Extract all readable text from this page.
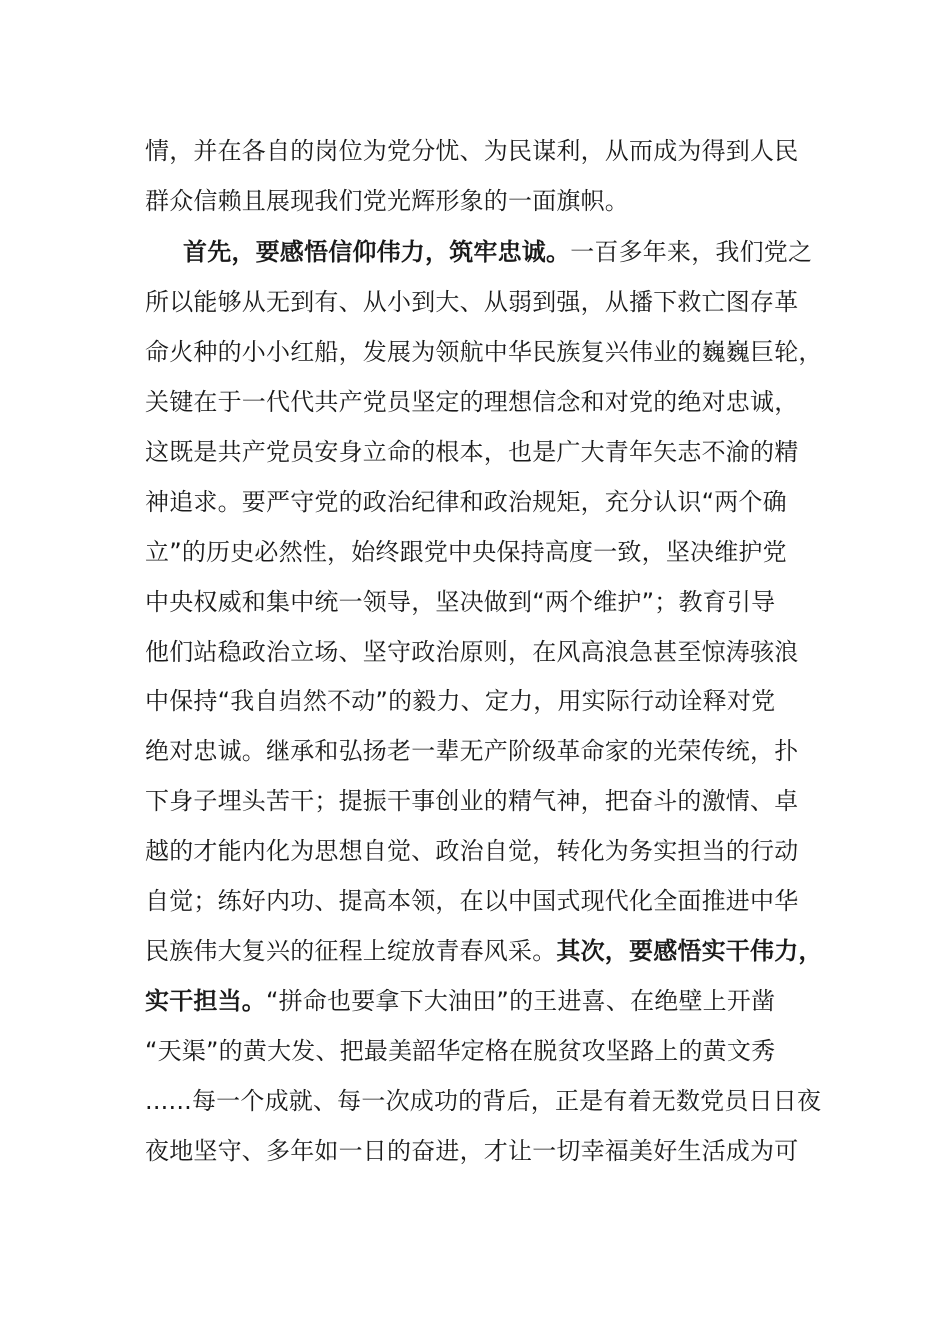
情，并在各自的岗位为党分忧、为民谋利，从而成为得到人民
群众信赖且展现我们党光辉形象的一面旗帜。
首先，要感悟信仰伟力，筑牢忠诚。一百多年来，我们党之
所以能够从无到有、从小到大、从弱到强，从播下救亡图存革
命火种的小小红船，发展为领航中华民族复兴伟业的巍巍巨轮，
关键在于一代代共产党员坚定的理想信念和对党的绝对忠诚，
这既是共产党员安身立命的根本，也是广大青年矢志不渝的精
神追求。要严守党的政治纪律和政治规矩，充分认识“两个确
立”的历史必然性，始终跟党中央保持高度一致，坚决维护党
中央权威和集中统一领导，坚决做到“两个维护”；教育引导
他们站稳政治立场、坚守政治原则，在风高浪急甚至惊涛骇浪
中保持“我自岿然不动”的毅力、定力，用实际行动诠释对党
绝对忠诚。继承和弘扬老一辈无产阶级革命家的光荣传统，扑
下身子埋头苦干；提振干事创业的精气神，把奋斗的激情、卓
越的才能内化为思想自觉、政治自觉，转化为务实担当的行动
自觉；练好内功、提高本领，在以中国式现代化全面推进中华
民族伟大复兴的征程上绽放青春风采。其次，要感悟实干伟力，
实干担当。“拼命也要拿下大油田”的王进喜、在绝壁上开凿
“天渠”的黄大发、把最美韶华定格在脱贫攻坚路上的黄文秀
......每一个成就、每一次成功的背后，正是有着无数党员日日夜
夜地坚守、多年如一日的奋进，才让一切幸福美好生活成为可
